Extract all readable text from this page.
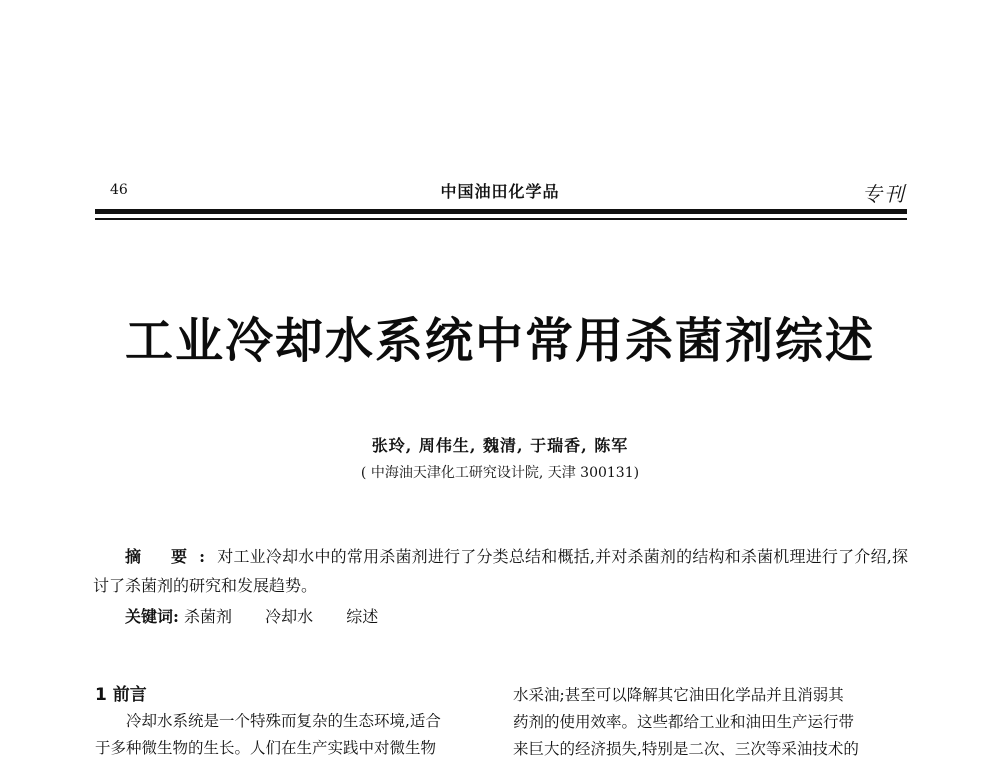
46	中国油田化学品	专刊
工业冷却水系统中常用杀菌剂综述
张玲, 周伟生, 魏清, 于瑞香, 陈军
( 中海油天津化工研究设计院, 天津 300131)
摘 要:对工业冷却水中的常用杀菌剂进行了分类总结和概括,并对杀菌剂的结构和杀菌机理进行了介绍,探讨了杀菌剂的研究和发展趋势。
关键词: 杀菌剂 冷却水 综述
1 前言

冷却水系统是一个特殊而复杂的生态环境,适合

于多种微生物的生长。人们在生产实践中对微生物

水采油;甚至可以降解其它油田化学品并且消弱其

药剂的使用效率。这些都给工业和油田生产运行带

来巨大的经济损失,特别是二次、三次等采油技术的
